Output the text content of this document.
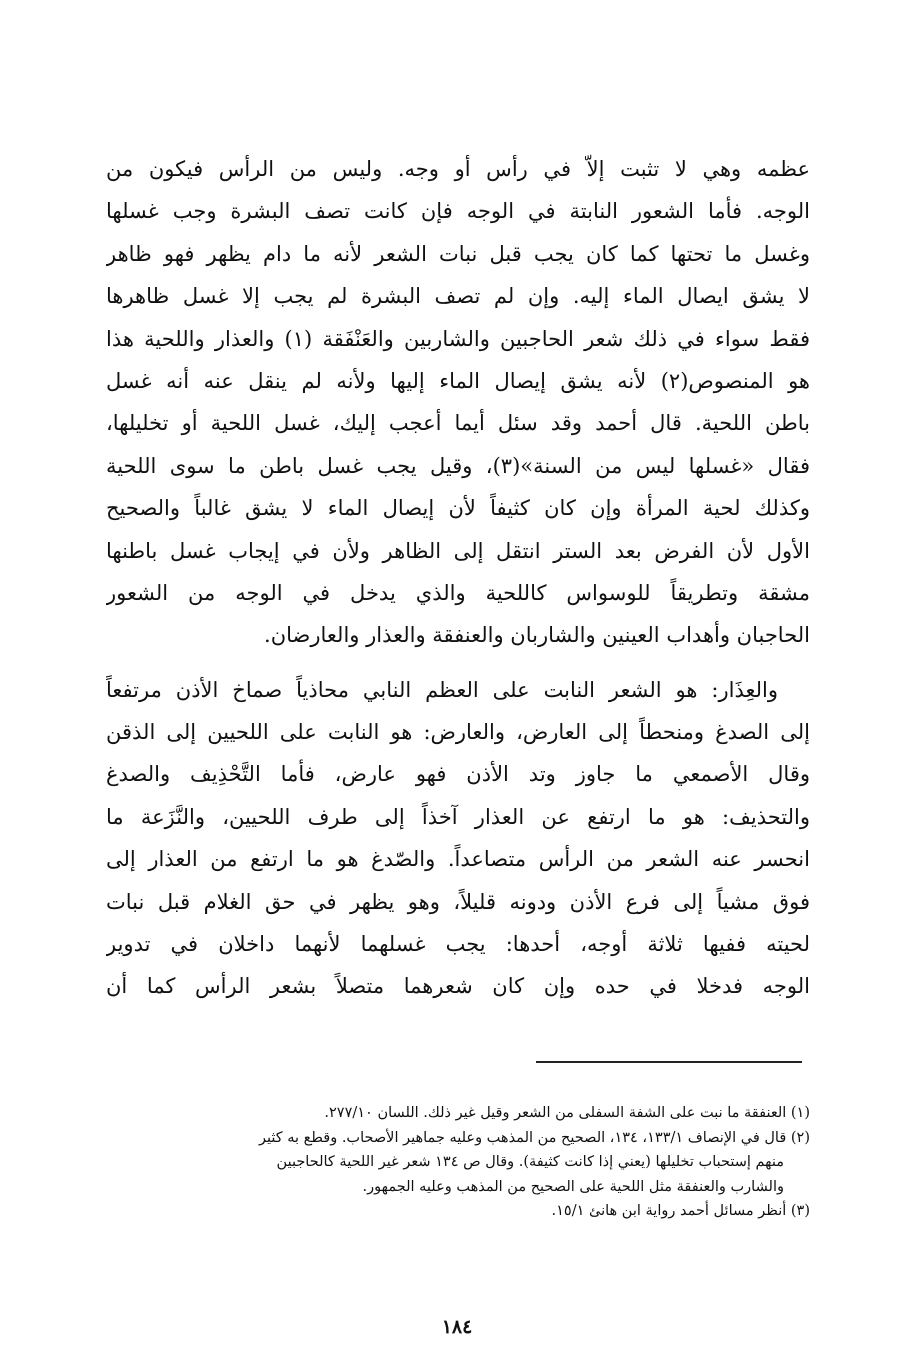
عظمه وهي لا تثبت إلاّ في رأس أو وجه. وليس من الرأس فيكون من
الوجه. فأما الشعور النابتة في الوجه فإن كانت تصف البشرة وجب غسلها
وغسل ما تحتها كما كان يجب قبل نبات الشعر لأنه ما دام يظهر فهو ظاهر
لا يشق ايصال الماء إليه. وإن لم تصف البشرة لم يجب إلا غسل ظاهرها
فقط سواء في ذلك شعر الحاجبين والشاربين والعَنْفَقة (١) والعذار واللحية هذا
هو المنصوص(٢) لأنه يشق إيصال الماء إليها ولأنه لم ينقل عنه أنه غسل
باطن اللحية. قال أحمد وقد سئل أيما أعجب إليك، غسل اللحية أو تخليلها،
فقال «غسلها ليس من السنة»(٣)، وقيل يجب غسل باطن ما سوى اللحية
وكذلك لحية المرأة وإن كان كثيفاً لأن إيصال الماء لا يشق غالباً والصحيح
الأول لأن الفرض بعد الستر انتقل إلى الظاهر ولأن في إيجاب غسل باطنها
مشقة وتطريقاً للوسواس كاللحية والذي يدخل في الوجه من الشعور
الحاجبان وأهداب العينين والشاربان والعنفقة والعذار والعارضان.
والعِذَار: هو الشعر النابت على العظم النابي محاذياً صماخ الأذن مرتفعاً
إلى الصدغ ومنحطاً إلى العارض، والعارض: هو النابت على اللحيين إلى الذقن
وقال الأصمعي ما جاوز وتد الأذن فهو عارض، فأما التَّحْذِيف والصدغ
والتحذيف: هو ما ارتفع عن العذار آخذاً إلى طرف اللحيين، والنَّزَعة ما
انحسر عنه الشعر من الرأس متصاعداً. والصّدغ هو ما ارتفع من العذار إلى
فوق مشياً إلى فرع الأذن ودونه قليلاً، وهو يظهر في حق الغلام قبل نبات
لحيته ففيها ثلاثة أوجه، أحدها: يجب غسلهما لأنهما داخلان في تدوير
الوجه فدخلا في حده وإن كان شعرهما متصلاً بشعر الرأس كما أن
(١) العنفقة ما نبت على الشفة السفلى من الشعر وقيل غير ذلك. اللسان ٢٧٧/١٠.
(٢) قال في الإنصاف ١٣٣/١، ١٣٤، الصحيح من المذهب وعليه جماهير الأصحاب. وقطع به كثير
منهم إستحباب تخليلها (يعني إذا كانت كثيفة). وقال ص ١٣٤ شعر غير اللحية كالحاجبين
والشارب والعنفقة مثل اللحية على الصحيح من المذهب وعليه الجمهور.
(٣) أنظر مسائل أحمد رواية ابن هانئ ١٥/١.
١٨٤
